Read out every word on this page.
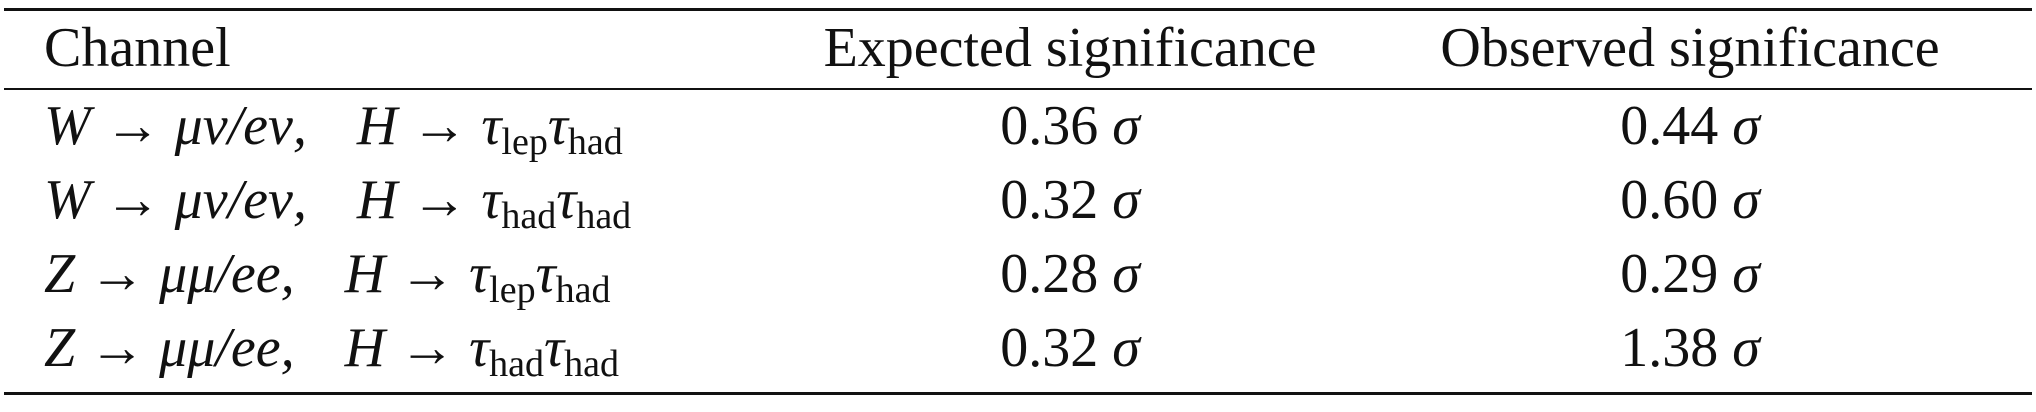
Channel	Expected significance	Observed significance
W → μν/eν, $H \to \tau_{lep}\tau_{had}$	0.36 σ	0.44 σ
W → μν/eν, $H \to \tau_{had}\tau_{had}$	0.32 σ	0.60 σ
Z → μμ/ee, $H \to \tau_{lep}\tau_{had}$	0.28 σ	0.29 σ
Z → μμ/ee, $H \to \tau_{had}\tau_{had}$	0.32 σ	1.38 σ
